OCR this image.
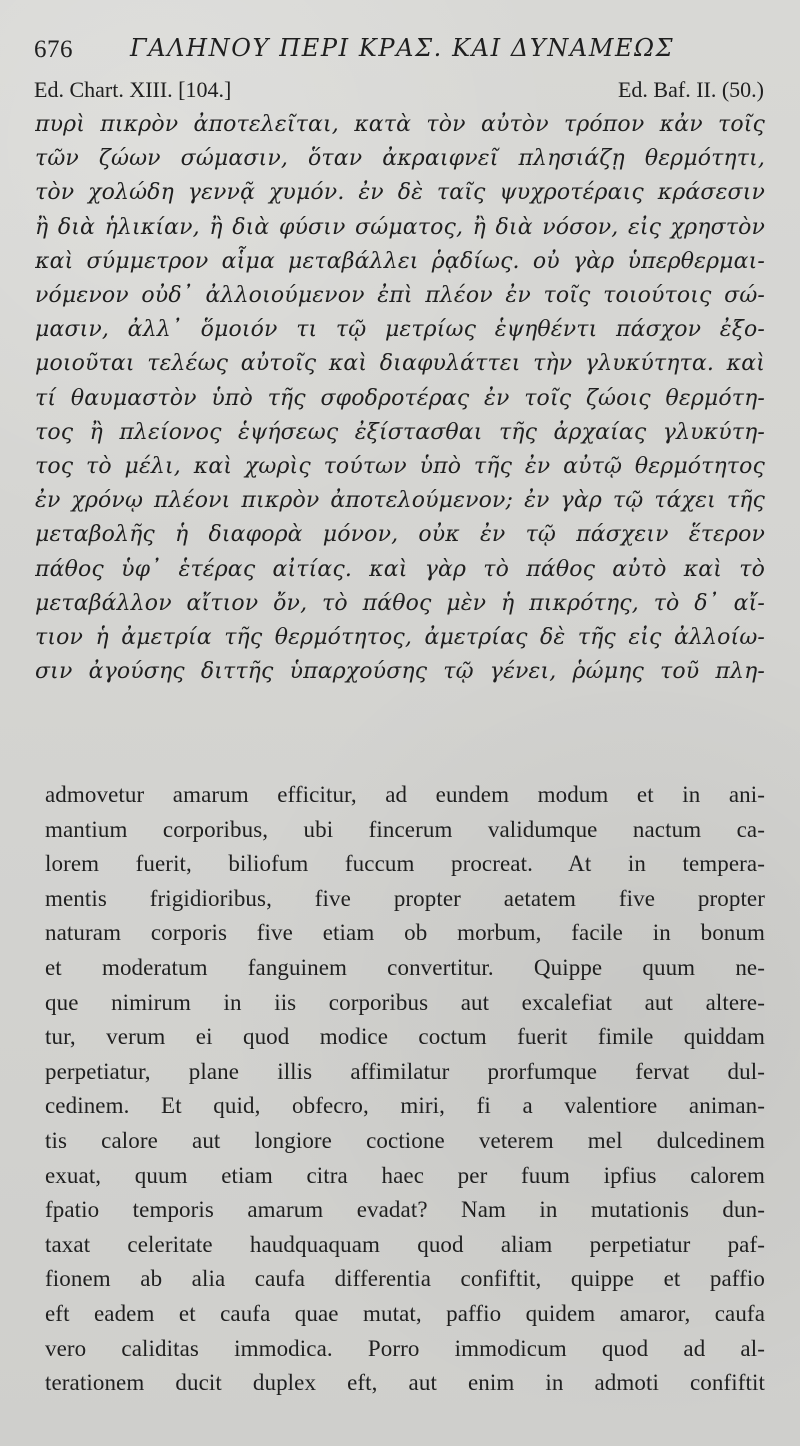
676 ΓΑΛΗΝΟΥ ΠΕΡΙ ΚΡΑΣ. ΚΑΙ ΔΥΝΑΜΕΩΣ
Ed. Chart. XIII. [104.]	Ed. Baf. II. (50.)
πυρὶ πικρὸν ἀποτελεῖται, κατὰ τὸν αὐτὸν τρόπον κἀν τοῖς
τῶν ζώων σώμασιν, ὅταν ἀκραιφνεῖ πλησιάζῃ θερμότητι,
τὸν χολώδη γεννᾷ χυμόν. ἐν δὲ ταῖς ψυχροτέραις κράσεσιν
ἢ διὰ ἡλικίαν, ἢ διὰ φύσιν σώματος, ἢ διὰ νόσον, εἰς χρηστὸν
καὶ σύμμετρον αἷμα μεταβάλλει ῥᾳδίως. οὐ γὰρ ὑπερθερμαι-
νόμενον οὐδ᾽ ἀλλοιούμενον ἐπὶ πλέον ἐν τοῖς τοιούτοις σώ-
μασιν, ἀλλ᾽ ὅμοιόν τι τῷ μετρίως ἑψηθέντι πάσχον ἐξο-
μοιοῦται τελέως αὐτοῖς καὶ διαφυλάττει τὴν γλυκύτητα. καὶ
τί θαυμαστὸν ὑπὸ τῆς σφοδροτέρας ἐν τοῖς ζώοις θερμότη-
τος ἢ πλείονος ἑψήσεως ἐξίστασθαι τῆς ἀρχαίας γλυκύτη-
τος τὸ μέλι, καὶ χωρὶς τούτων ὑπὸ τῆς ἐν αὐτῷ θερμότητος
ἐν χρόνῳ πλέονι πικρὸν ἀποτελούμενον; ἐν γὰρ τῷ τάχει τῆς
μεταβολῆς ἡ διαφορὰ μόνον, οὐκ ἐν τῷ πάσχειν ἕτερον
πάθος ὑφ᾽ ἑτέρας αἰτίας. καὶ γὰρ τὸ πάθος αὐτὸ καὶ τὸ
μεταβάλλον αἴτιον ὄν, τὸ πάθος μὲν ἡ πικρότης, τὸ δ᾽ αἴ-
τιον ἡ ἀμετρία τῆς θερμότητος, ἀμετρίας δὲ τῆς εἰς ἀλλοίω-
σιν ἀγούσης διττῆς ὑπαρχούσης τῷ γένει, ῥώμης τοῦ πλη-
admovetur amarum efficitur, ad eundem modum et in ani-
mantium corporibus, ubi fincerum validumque nactum ca-
lorem fuerit, biliofum fuccum procreat. At in tempera-
mentis frigidioribus, five propter aetatem five propter
naturam corporis five etiam ob morbum, facile in bonum
et moderatum fanguinem convertitur. Quippe quum ne-
que nimirum in iis corporibus aut excalefiat aut altere-
tur, verum ei quod modice coctum fuerit fimile quiddam
perpetiatur, plane illis affimilatur prorfumque fervat dul-
cedinem. Et quid, obfecro, miri, fi a valentiore animan-
tis calore aut longiore coctione veterem mel dulcedinem
exuat, quum etiam citra haec per fuum ipfius calorem
fpatio temporis amarum evadat? Nam in mutationis dun-
taxat celeritate haudquaquam quod aliam perpetiatur paf-
fionem ab alia caufa differentia confiftit, quippe et paffio
eft eadem et caufa quae mutat, paffio quidem amaror, caufa
vero caliditas immodica. Porro immodicum quod ad al-
terationem ducit duplex eft, aut enim in admoti confiftit
